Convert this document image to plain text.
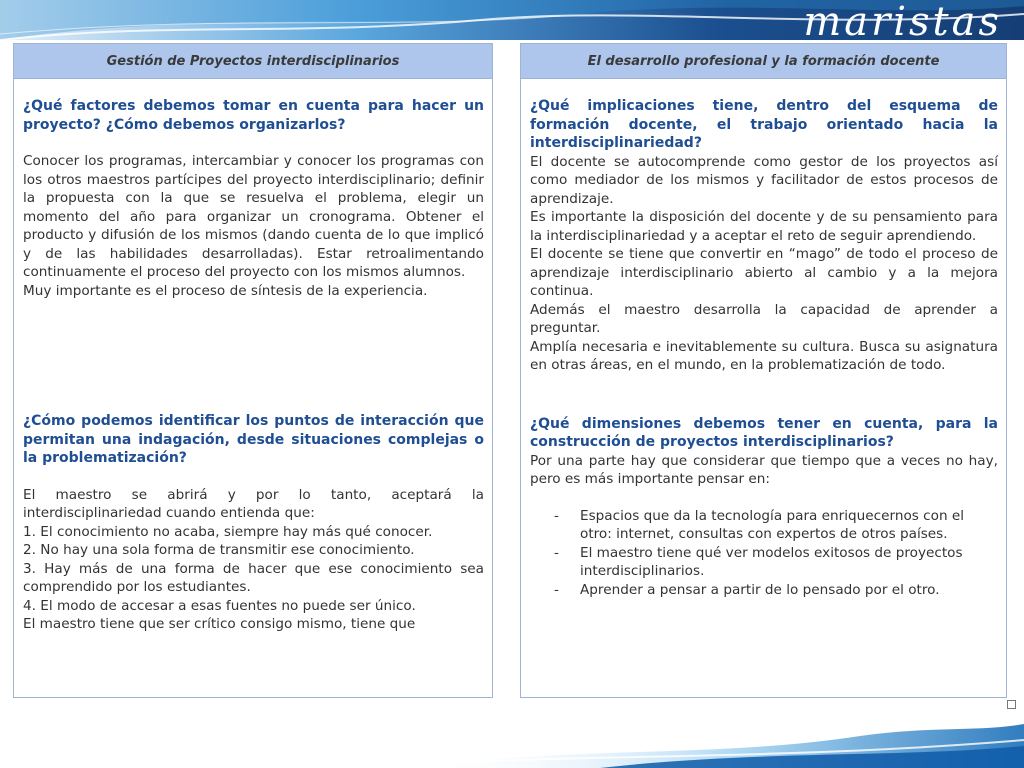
maristas
Gestión de Proyectos interdisciplinarios

¿Qué factores debemos tomar en cuenta para hacer un proyecto? ¿Cómo debemos organizarlos?

Conocer los programas, intercambiar y conocer los programas con los otros maestros partícipes del proyecto interdisciplinario; definir la propuesta con la que se resuelva el problema, elegir un momento del año para organizar un cronograma. Obtener el producto y difusión de los mismos (dando cuenta de lo que implicó y de las habilidades desarrolladas). Estar retroalimentando continuamente el proceso del proyecto con los mismos alumnos.

Muy importante es el proceso de síntesis de la experiencia.

¿Cómo podemos identificar los puntos de interacción que permitan una indagación, desde situaciones complejas o la problematización?

El maestro se abrirá y por lo tanto, aceptará la interdisciplinariedad cuando entienda que:

1. El conocimiento no acaba, siempre hay más qué conocer.

2. No hay una sola forma de transmitir ese conocimiento.

3. Hay más de una forma de hacer que ese conocimiento sea comprendido por los estudiantes.

4. El modo de accesar a esas fuentes no puede ser único.

El maestro tiene que ser crítico consigo mismo, tiene que

El desarrollo profesional y la formación docente

¿Qué implicaciones tiene, dentro del esquema de formación docente, el trabajo orientado hacia la interdisciplinariedad?

El docente se autocomprende como gestor de los proyectos así como mediador de los mismos y facilitador de estos procesos de aprendizaje.

Es importante la disposición del docente y de su pensamiento para la interdisciplinariedad y a aceptar el reto de seguir aprendiendo.

El docente se tiene que convertir en “mago” de todo el proceso de aprendizaje interdisciplinario abierto al cambio y a la mejora continua.

Además el maestro desarrolla la capacidad de aprender a preguntar.

Amplía necesaria e inevitablemente su cultura. Busca su asignatura en otras áreas, en el mundo, en la problematización de todo.

¿Qué dimensiones debemos tener en cuenta, para la construcción de proyectos interdisciplinarios?

Por una parte hay que considerar que tiempo que a veces no hay, pero es más importante pensar en:

- Espacios que da la tecnología para enriquecernos con el otro: internet, consultas con expertos de otros países.
- El maestro tiene qué ver modelos exitosos de proyectos interdisciplinarios.
- Aprender a pensar a partir de lo pensado por el otro.
